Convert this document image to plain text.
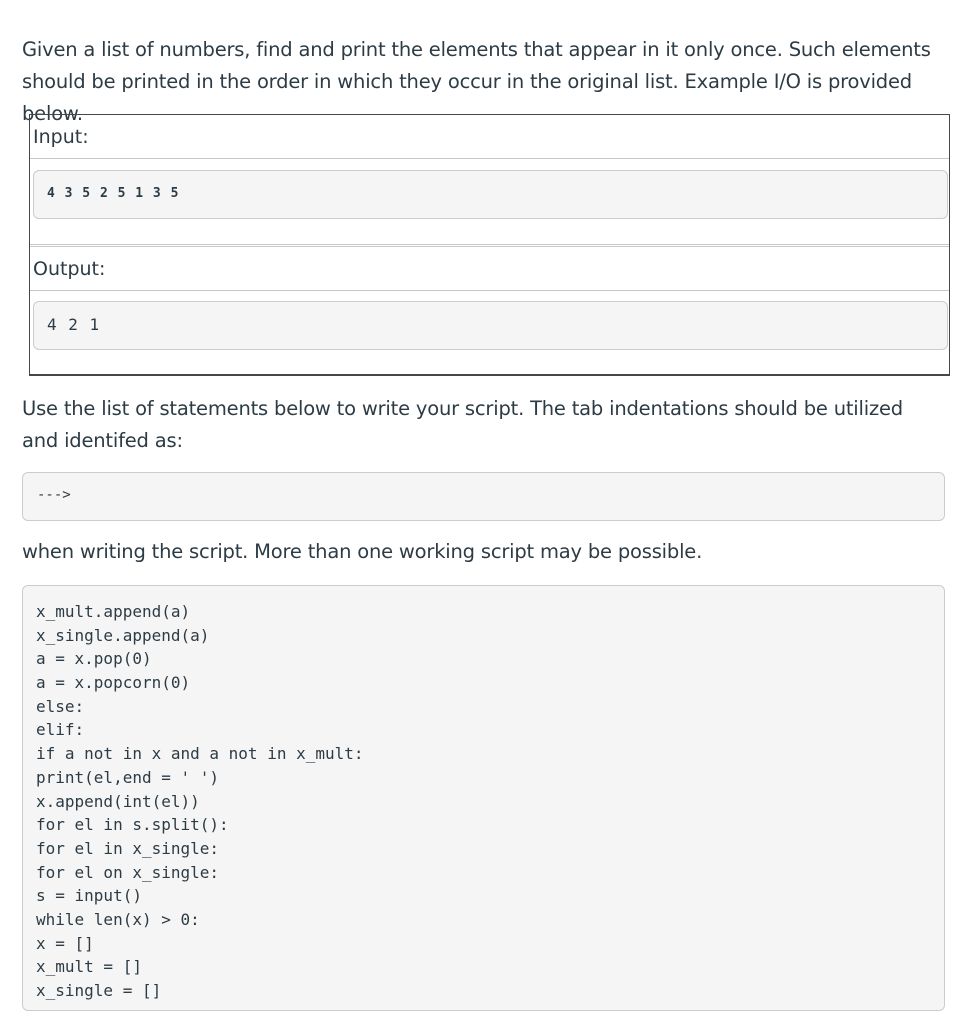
Given a list of numbers, find and print the elements that appear in it only once. Such elements should be printed in the order in which they occur in the original list. Example I/O is provided below.

Input:
4 3 5 2 5 1 3 5
Output:
4 2 1

Use the list of statements below to write your script. The tab indentations should be utilized and identifed as:

--->

when writing the script. More than one working script may be possible.

x_mult.append(a)
x_single.append(a)
a = x.pop(0)
a = x.popcorn(0)
else:
elif:
if a not in x and a not in x_mult:
print(el,end = ' ')
x.append(int(el))
for el in s.split():
for el in x_single:
for el on x_single:
s = input()
while len(x) > 0:
x = []
x_mult = []
x_single = []
